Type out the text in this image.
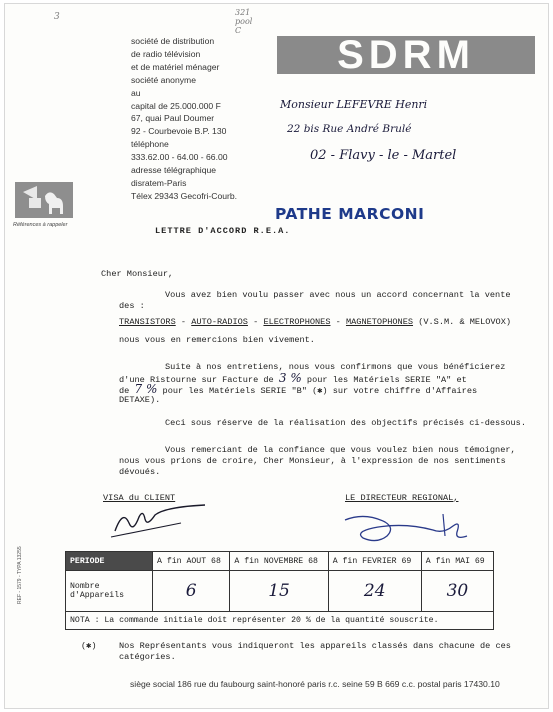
3	321
pool
C
société de distribution
de radio télévision
et de matériel ménager
société anonyme
au
capital de 25.000.000 F
67, quai Paul Doumer
92 - Courbevoie B.P. 130
téléphone
333.62.00 - 64.00 - 66.00
adresse télégraphique
disratem-Paris
Télex 29343 Gecofri-Courb.
SDRM
Références à rappeler
Monsieur LEFEVRE Henri
22 bis Rue André Brulé
02 - Flavy - le - Martel
PATHE MARCONI
LETTRE D'ACCORD R.E.A.
Cher Monsieur,
Vous avez bien voulu passer avec nous un accord concernant la vente
des :
TRANSISTORS - AUTO-RADIOS - ELECTROPHONES - MAGNETOPHONES (V.S.M. & MELOVOX)
nous vous en remercions bien vivement.
Suite à nos entretiens, nous vous confirmons que vous bénéficierez
d'une Ristourne sur Facture de 3 % pour les Matériels SERIE "A" et
de 7 % pour les Matériels SERIE "B" (✱) sur votre chiffre d'Affaires
DETAXE).
Ceci sous réserve de la réalisation des objectifs précisés ci-dessous.
Vous remerciant de la confiance que vous voulez bien nous témoigner,
nous vous prions de croire, Cher Monsieur, à l'expression de nos sentiments
dévoués.
VISA du CLIENT	LE DIRECTEUR REGIONAL,
PERIODE	A fin AOUT 68	A fin NOVEMBRE 68	A fin FEVRIER 69	A fin MAI 69

Nombre
d'Appareils	6	15	24	30
NOTA : La commande initiale doit représenter 20 % de la quantité souscrite.				
(✱)	Nos Représentants vous indiqueront les appareils classés dans chacune de ces
catégories.
REF - 1579 - TYPA 13255
siège social 186 rue du faubourg saint-honoré paris r.c. seine 59 B 669 c.c. postal paris 17430.10
